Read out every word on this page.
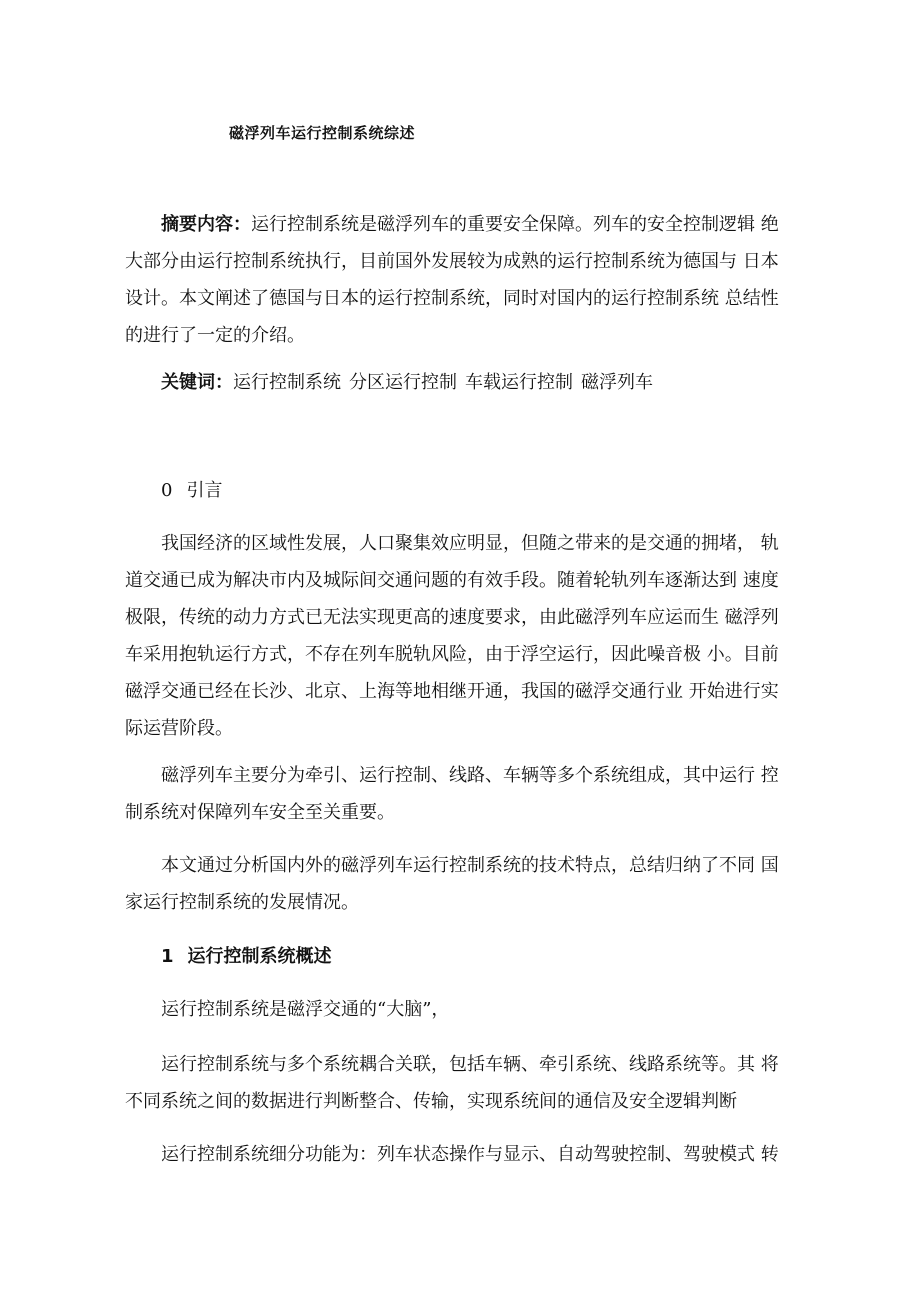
磁浮列车运行控制系统综述
摘要内容：运行控制系统是磁浮列车的重要安全保障。列车的安全控制逻辑 绝
大部分由运行控制系统执行，目前国外发展较为成熟的运行控制系统为德国与 日本
设计。本文阐述了德国与日本的运行控制系统，同时对国内的运行控制系统 总结性
的进行了一定的介绍。
关键词：运行控制系统 分区运行控制 车载运行控制 磁浮列车
0 引言
我国经济的区域性发展，人口聚集效应明显，但随之带来的是交通的拥堵， 轨
道交通已成为解决市内及城际间交通问题的有效手段。随着轮轨列车逐渐达到 速度
极限，传统的动力方式已无法实现更高的速度要求，由此磁浮列车应运而生 磁浮列
车采用抱轨运行方式，不存在列车脱轨风险，由于浮空运行，因此噪音极 小。目前
磁浮交通已经在长沙、北京、上海等地相继开通，我国的磁浮交通行业 开始进行实
际运营阶段。
磁浮列车主要分为牵引、运行控制、线路、车辆等多个系统组成，其中运行 控
制系统对保障列车安全至关重要。
本文通过分析国内外的磁浮列车运行控制系统的技术特点，总结归纳了不同 国
家运行控制系统的发展情况。
1 运行控制系统概述
运行控制系统是磁浮交通的“大脑”，
运行控制系统与多个系统耦合关联，包括车辆、牵引系统、线路系统等。其 将
不同系统之间的数据进行判断整合、传输，实现系统间的通信及安全逻辑判断
运行控制系统细分功能为：列车状态操作与显示、自动驾驶控制、驾驶模式 转
